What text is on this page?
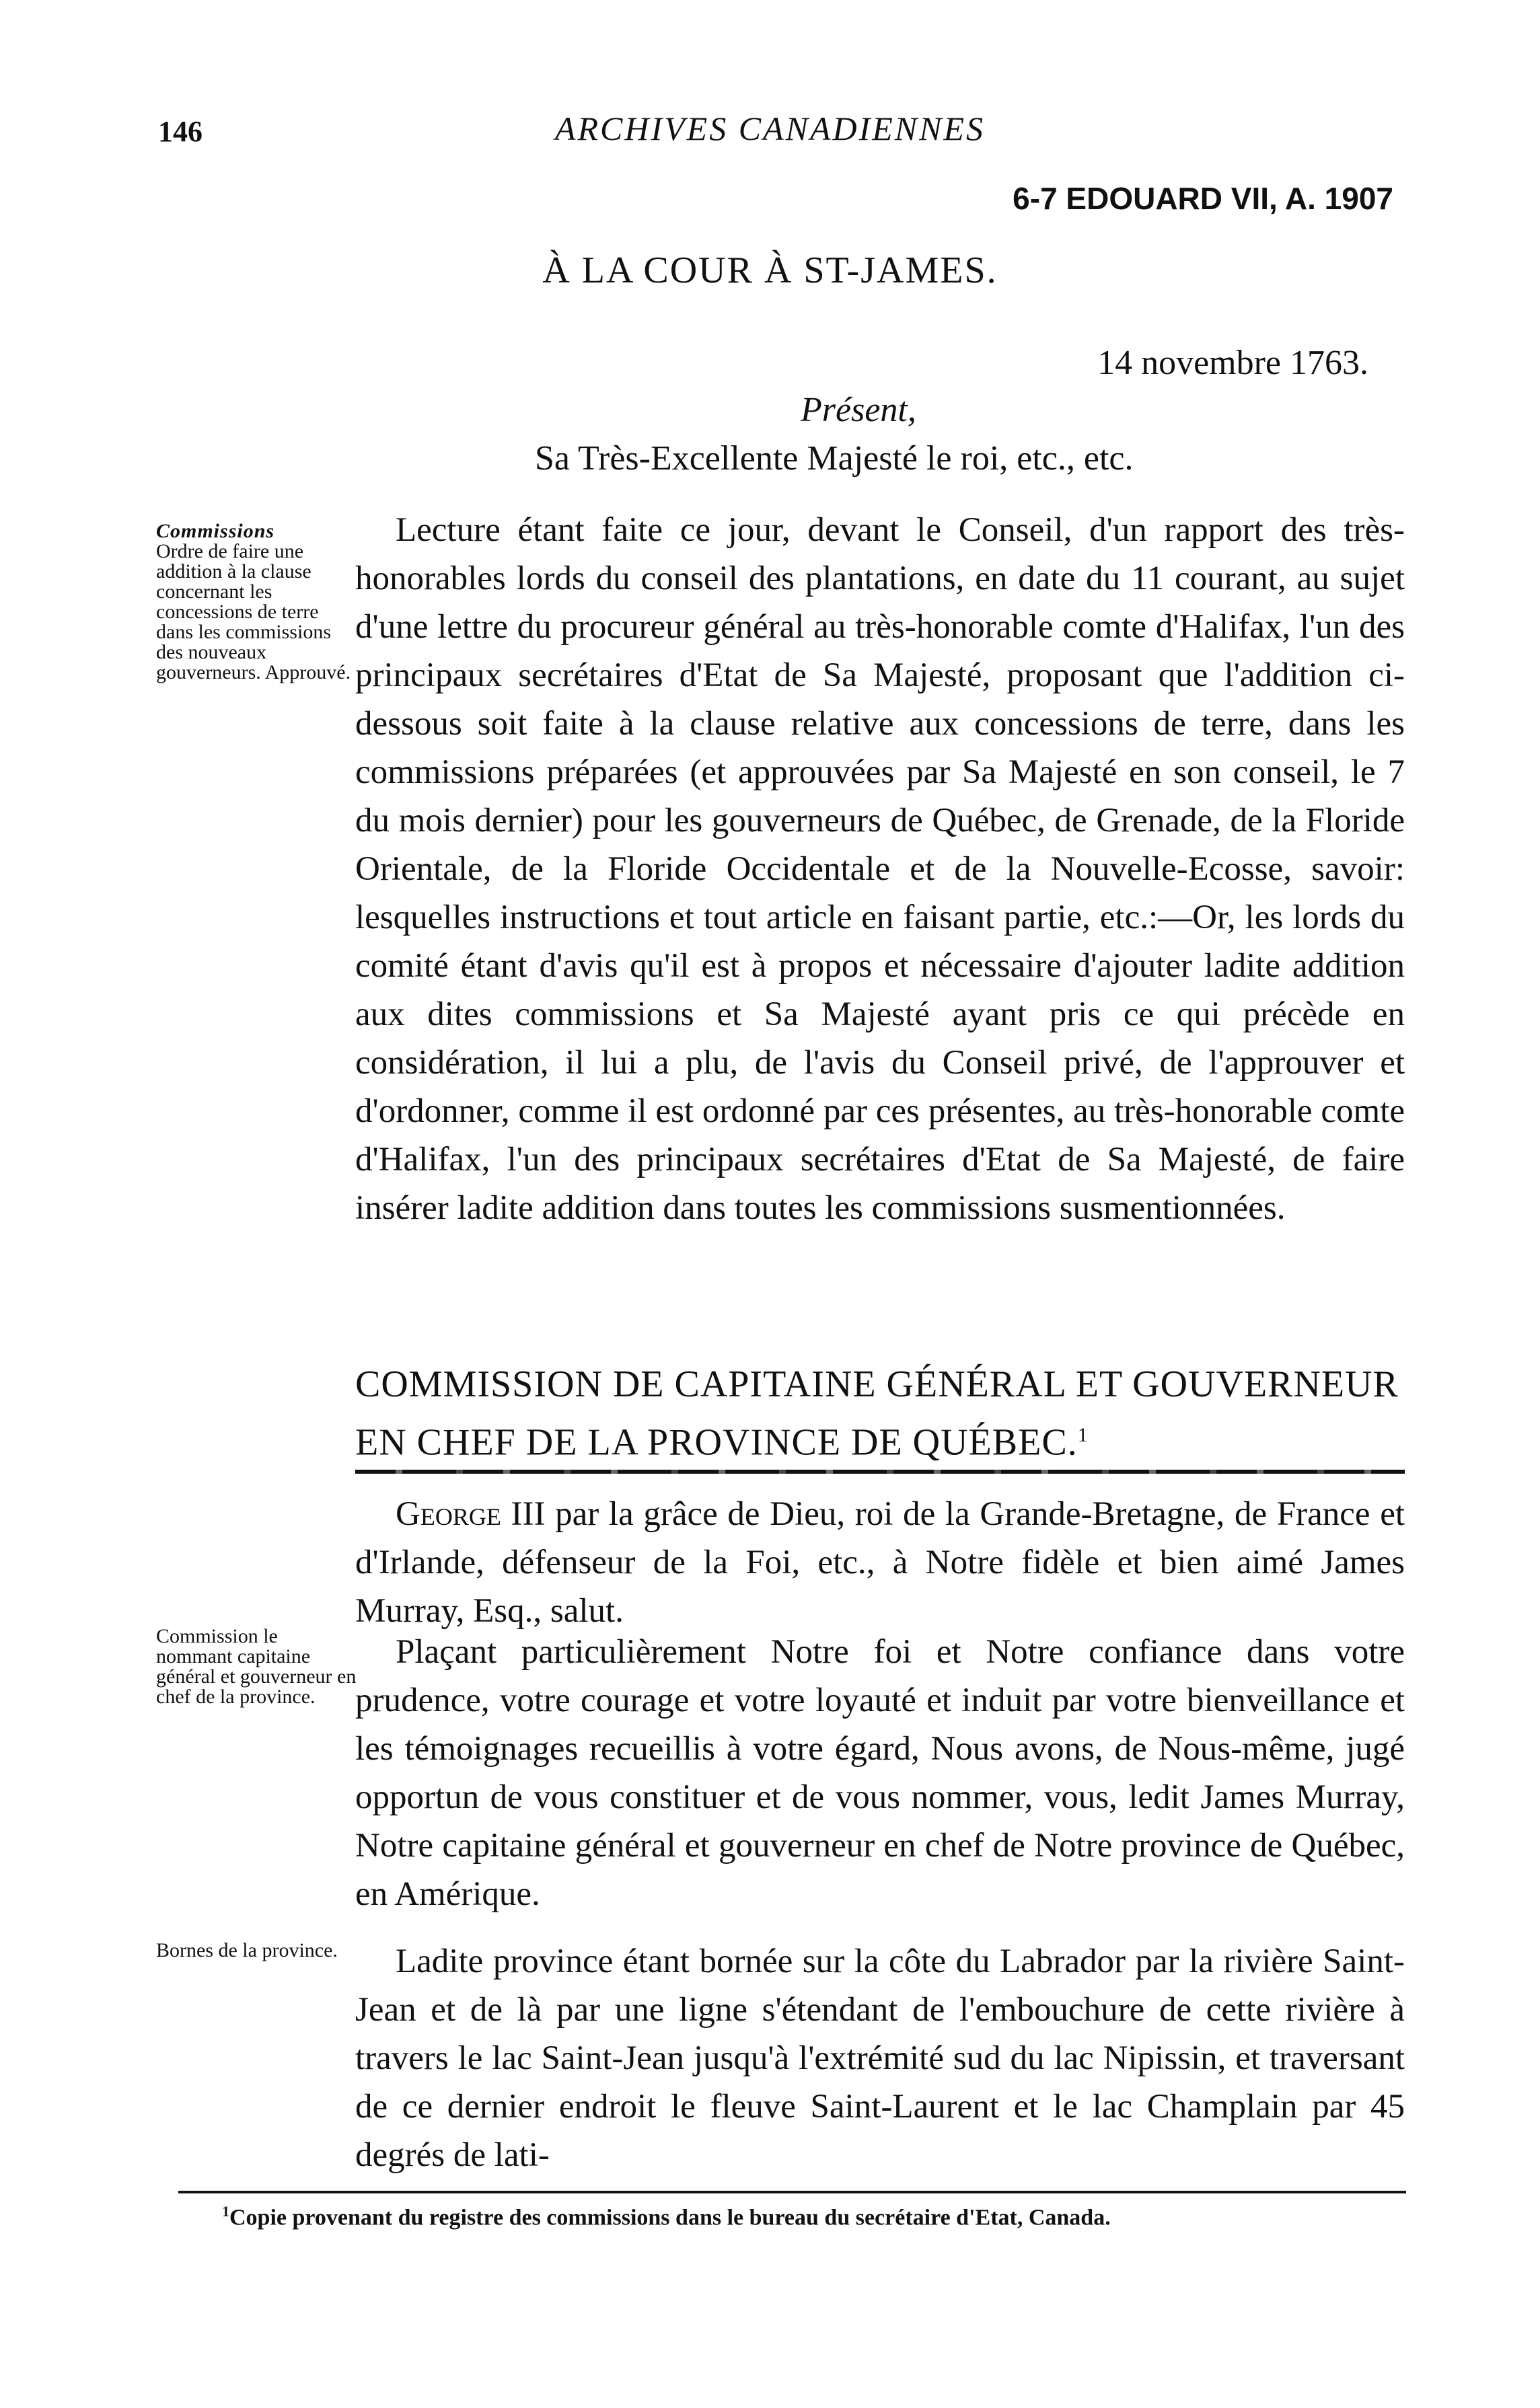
146	ARCHIVES CANADIENNES
6-7 EDOUARD VII, A. 1907
À LA COUR À ST-JAMES.
14 novembre 1763.
Présent,
Sa Très-Excellente Majesté le roi, etc., etc.
Commissions
Ordre de faire une addition à la clause concernant les concessions de terre dans les commissions des nouveaux gouverneurs. Approuvé.

Lecture étant faite ce jour, devant le Conseil, d'un rapport des très-honorables lords du conseil des plantations, en date du 11 courant, au sujet d'une lettre du procureur général au très-honorable comte d'Halifax, l'un des principaux secrétaires d'Etat de Sa Majesté, proposant que l'addition ci-dessous soit faite à la clause relative aux concessions de terre, dans les commissions préparées (et approuvées par Sa Majesté en son conseil, le 7 du mois dernier) pour les gouverneurs de Québec, de Grenade, de la Floride Orientale, de la Floride Occidentale et de la Nouvelle-Ecosse, savoir: lesquelles instructions et tout article en faisant partie, etc.:—Or, les lords du comité étant d'avis qu'il est à propos et nécessaire d'ajouter ladite addition aux dites commissions et Sa Majesté ayant pris ce qui précède en considération, il lui a plu, de l'avis du Conseil privé, de l'approuver et d'ordonner, comme il est ordonné par ces présentes, au très-honorable comte d'Halifax, l'un des principaux secrétaires d'Etat de Sa Majesté, de faire insérer ladite addition dans toutes les commissions susmentionnées.

COMMISSION DE CAPITAINE GÉNÉRAL ET GOUVERNEUR EN CHEF DE LA PROVINCE DE QUÉBEC.$^1$

George III par la grâce de Dieu, roi de la Grande-Bretagne, de France et d'Irlande, défenseur de la Foi, etc., à Notre fidèle et bien aimé James Murray, Esq., salut.

Commission le nommant capitaine général et gouverneur en chef de la province.

Plaçant particulièrement Notre foi et Notre confiance dans votre prudence, votre courage et votre loyauté et induit par votre bienveillance et les témoignages recueillis à votre égard, Nous avons, de Nous-même, jugé opportun de vous constituer et de vous nommer, vous, ledit James Murray, Notre capitaine général et gouverneur en chef de Notre province de Québec, en Amérique.

Bornes de la province.	Ladite province étant bornée sur la côte du Labrador par la rivière Saint-Jean et de là par une ligne s'étendant de l'embouchure de cette rivière à travers le lac Saint-Jean jusqu'à l'extrémité sud du lac Nipissin, et traversant de ce dernier endroit le fleuve Saint-Laurent et le lac Champlain par 45 degrés de lati-

$^1$Copie provenant du registre des commissions dans le bureau du secrétaire d'Etat, Canada.
